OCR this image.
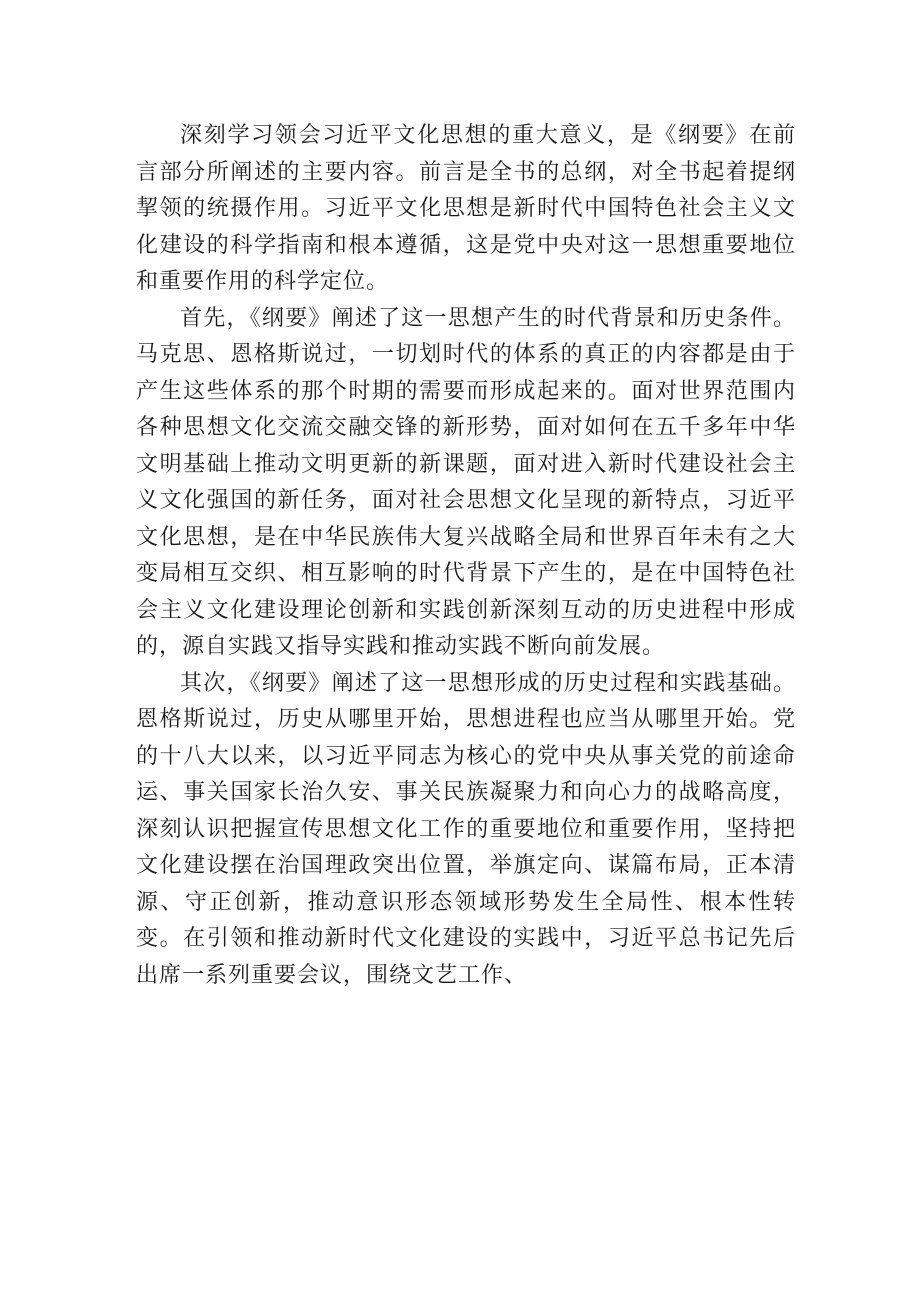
深刻学习领会习近平文化思想的重大意义，是《纲要》在前言部分所阐述的主要内容。前言是全书的总纲，对全书起着提纲挈领的统摄作用。习近平文化思想是新时代中国特色社会主义文化建设的科学指南和根本遵循，这是党中央对这一思想重要地位和重要作用的科学定位。

首先，《纲要》阐述了这一思想产生的时代背景和历史条件。马克思、恩格斯说过，一切划时代的体系的真正的内容都是由于产生这些体系的那个时期的需要而形成起来的。面对世界范围内各种思想文化交流交融交锋的新形势，面对如何在五千多年中华文明基础上推动文明更新的新课题，面对进入新时代建设社会主义文化强国的新任务，面对社会思想文化呈现的新特点，习近平文化思想，是在中华民族伟大复兴战略全局和世界百年未有之大变局相互交织、相互影响的时代背景下产生的，是在中国特色社会主义文化建设理论创新和实践创新深刻互动的历史进程中形成的，源自实践又指导实践和推动实践不断向前发展。

其次，《纲要》阐述了这一思想形成的历史过程和实践基础。恩格斯说过，历史从哪里开始，思想进程也应当从哪里开始。党的十八大以来，以习近平同志为核心的党中央从事关党的前途命运、事关国家长治久安、事关民族凝聚力和向心力的战略高度，深刻认识把握宣传思想文化工作的重要地位和重要作用，坚持把文化建设摆在治国理政突出位置，举旗定向、谋篇布局，正本清源、守正创新，推动意识形态领域形势发生全局性、根本性转变。在引领和推动新时代文化建设的实践中，习近平总书记先后出席一系列重要会议，围绕文艺工作、
